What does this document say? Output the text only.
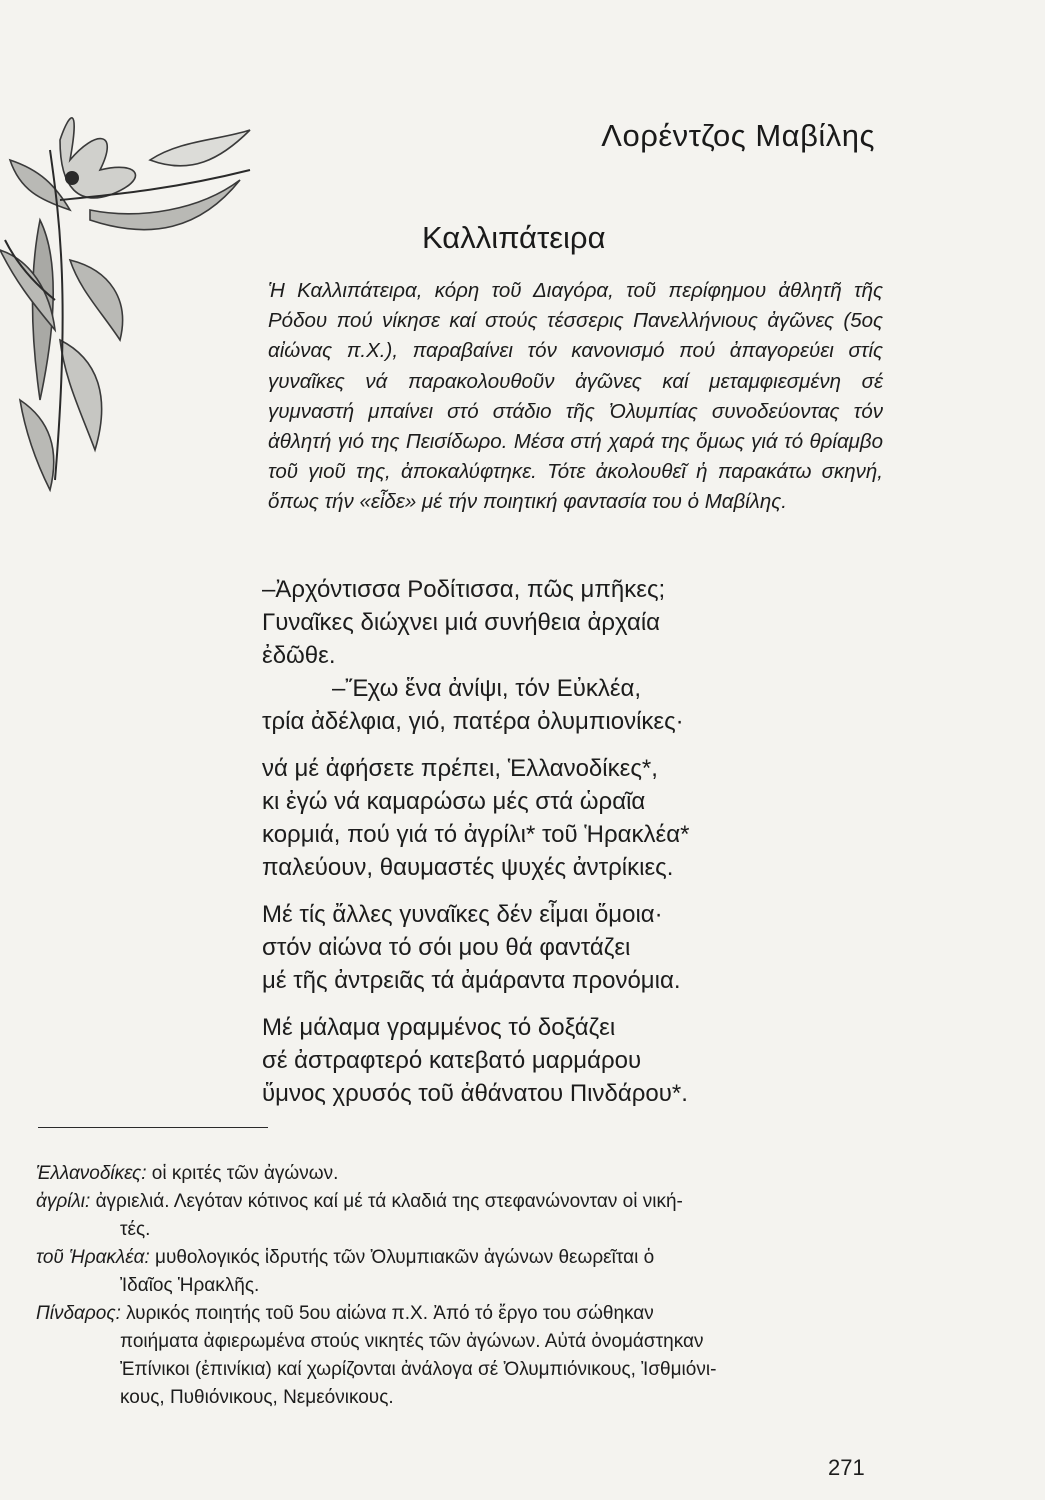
Λορέντζος Μαβίλης
Καλλιπάτειρα

Ἡ Καλλιπάτειρα, κόρη τοῦ Διαγόρα, τοῦ περίφημου ἀθλητῆ τῆς Ρόδου πού νίκησε καί στούς τέσσερις Πανελλήνιους ἀγῶνες (5ος αἰώνας π.Χ.), παραβαίνει τόν κανονισμό πού ἀπαγορεύει στίς γυναῖκες νά παρακολουθοῦν ἀγῶνες καί μεταμφιεσμένη σέ γυμναστή μπαίνει στό στάδιο τῆς Ὀλυμπίας συνοδεύοντας τόν ἀθλητή γιό της Πεισίδωρο. Μέσα στή χαρά της ὅμως γιά τό θρίαμβο τοῦ γιοῦ της, ἀποκαλύφτηκε. Τότε ἀκολουθεῖ ἡ παρακάτω σκηνή, ὅπως τήν «εἶδε» μέ τήν ποιητική φαντασία του ὁ Μαβίλης.

–Ἀρχόντισσα Ροδίτισσα, πῶς μπῆκες;
Γυναῖκες διώχνει μιά συνήθεια ἀρχαία
ἐδῶθε.
–Ἔχω ἕνα ἀνίψι, τόν Εὐκλέα,
τρία ἀδέλφια, γιό, πατέρα ὀλυμπιονίκες·
νά μέ ἀφήσετε πρέπει, Ἑλλανοδίκες*,
κι ἐγώ νά καμαρώσω μές στά ὡραῖα
κορμιά, πού γιά τό ἀγρίλι* τοῦ Ἡρακλέα*
παλεύουν, θαυμαστές ψυχές ἀντρίκιες.
Μέ τίς ἄλλες γυναῖκες δέν εἶμαι ὅμοια·
στόν αἰώνα τό σόι μου θά φαντάζει
μέ τῆς ἀντρειᾶς τά ἀμάραντα προνόμια.
Μέ μάλαμα γραμμένος τό δοξάζει
σέ ἀστραφτερό κατεβατό μαρμάρου
ὕμνος χρυσός τοῦ ἀθάνατου Πινδάρου*.

Ἑλλανοδίκες: οἱ κριτές τῶν ἀγώνων.

ἀγρίλι: ἀγριελιά. Λεγόταν κότινος καί μέ τά κλαδιά της στεφανώνονταν οἱ νική-
τές.

τοῦ Ἡρακλέα: μυθολογικός ἱδρυτής τῶν Ὀλυμπιακῶν ἀγώνων θεωρεῖται ὁ
Ἰδαῖος Ἡρακλῆς.

Πίνδαρος: λυρικός ποιητής τοῦ 5ου αἰώνα π.Χ. Ἀπό τό ἔργο του σώθηκαν
ποιήματα ἀφιερωμένα στούς νικητές τῶν ἀγώνων. Αὐτά ὀνομάστηκαν
Ἐπίνικοι (ἐπινίκια) καί χωρίζονται ἀνάλογα σέ Ὀλυμπιόνικους, Ἰσθμιόνι-
κους, Πυθιόνικους, Νεμεόνικους.

271
